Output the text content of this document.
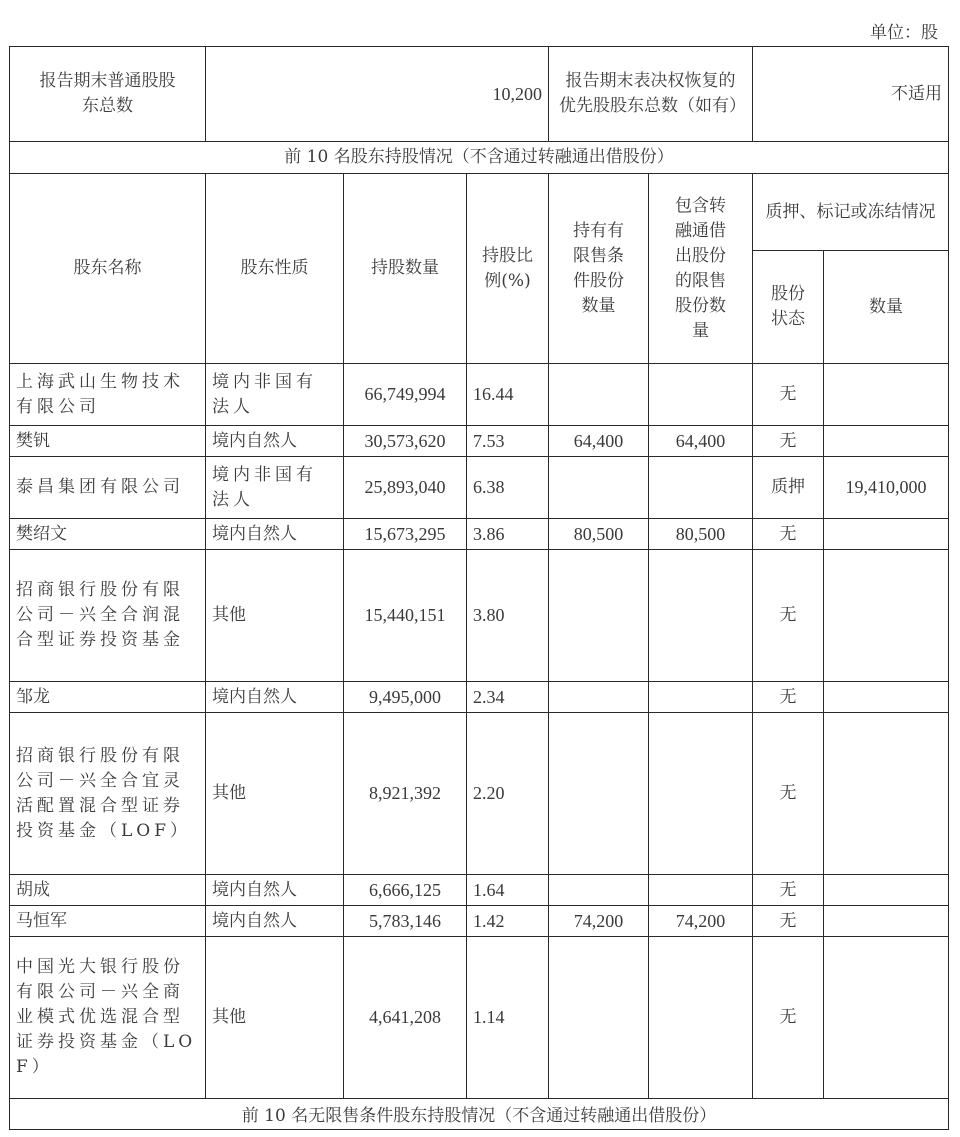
单位：股
报告期末普通股股东总数	10,200			报告期末表决权恢复的优先股股东总数（如有）		不适用	
前 10 名股东持股情况（不含通过转融通出借股份）							
股东名称	股东性质	持股数量	持股比例(%)	持有有限售条件股份数量	包含转融通借出股份的限售股份数量	质押、标记或冻结情况	
						股份状态	数量
上海武山生物技术有限公司	境内非国有法人	66,749,994	16.44			无	
樊钒	境内自然人	30,573,620	7.53	64,400	64,400	无	
泰昌集团有限公司	境内非国有法人	25,893,040	6.38			质押	19,410,000
樊绍文	境内自然人	15,673,295	3.86	80,500	80,500	无	
招商银行股份有限公司－兴全合润混合型证券投资基金	其他	15,440,151	3.80			无	
邹龙	境内自然人	9,495,000	2.34			无	
招商银行股份有限公司－兴全合宜灵活配置混合型证券投资基金（LOF）	其他	8,921,392	2.20			无	
胡成	境内自然人	6,666,125	1.64			无	
马恒军	境内自然人	5,783,146	1.42	74,200	74,200	无	
中国光大银行股份有限公司－兴全商业模式优选混合型证券投资基金（LOF）	其他	4,641,208	1.14			无	
前 10 名无限售条件股东持股情况（不含通过转融通出借股份）							
